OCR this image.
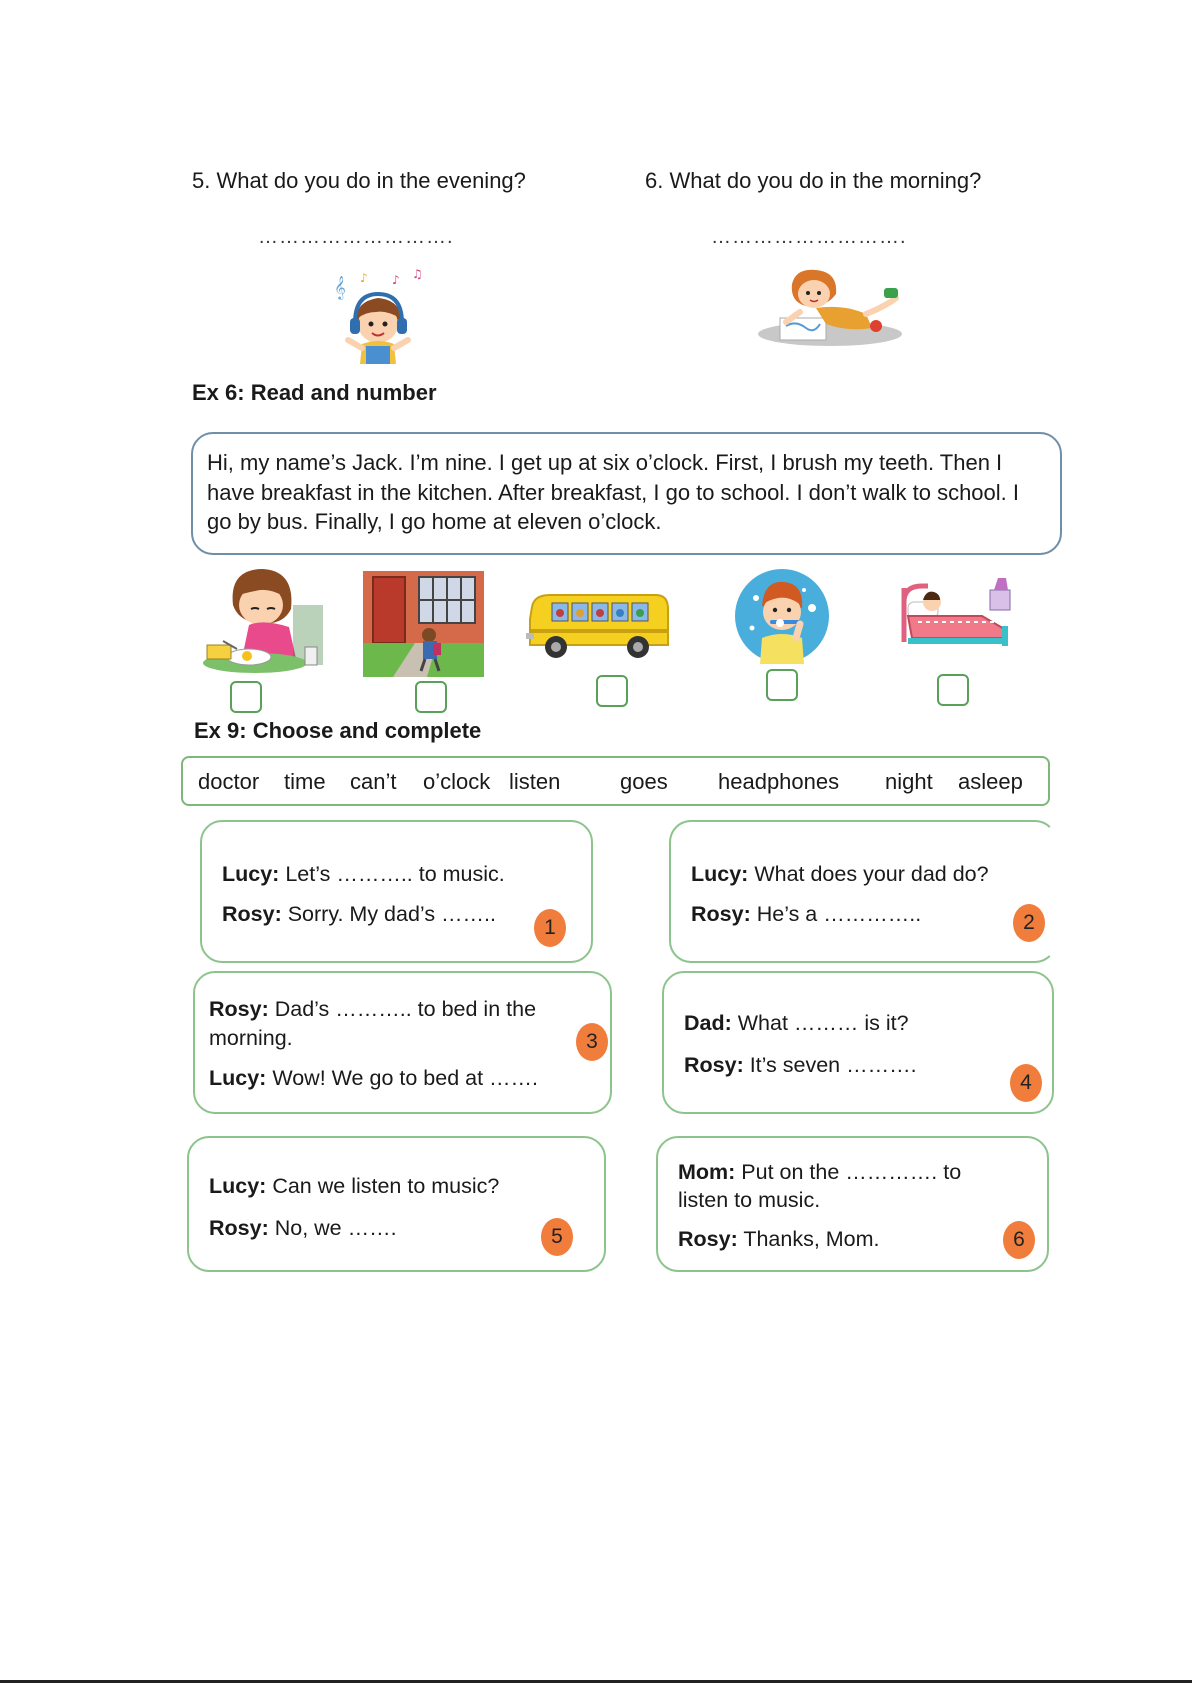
5. What do you do in the evening?	6. What do you do in the morning?
……………………….	……………………….
𝄞 ♪ ♪ ♫
Ex 6: Read and number
Hi, my name’s Jack. I’m nine. I get up at six o’clock. First, I brush my teeth. Then I have breakfast in the kitchen. After breakfast, I go to school. I don’t walk to school. I go by bus. Finally, I go home at eleven o’clock.
Ex 9: Choose and complete
doctor time can’t o’clock listen	goes headphones night asleep
Lucy: Let’s ……….. to music.
Rosy: Sorry. My dad’s ……..
1
Lucy: What does your dad do?
Rosy: He’s a …………..	2
Rosy: Dad’s ……….. to bed in the
morning.
Lucy: Wow! We go to bed at …….
3
Dad: What ……… is it?
Rosy: It’s seven ……….
4
Lucy: Can we listen to music?
Rosy: No, we …….	5
Mom: Put on the …………. to
listen to music.
Rosy: Thanks, Mom.	6
